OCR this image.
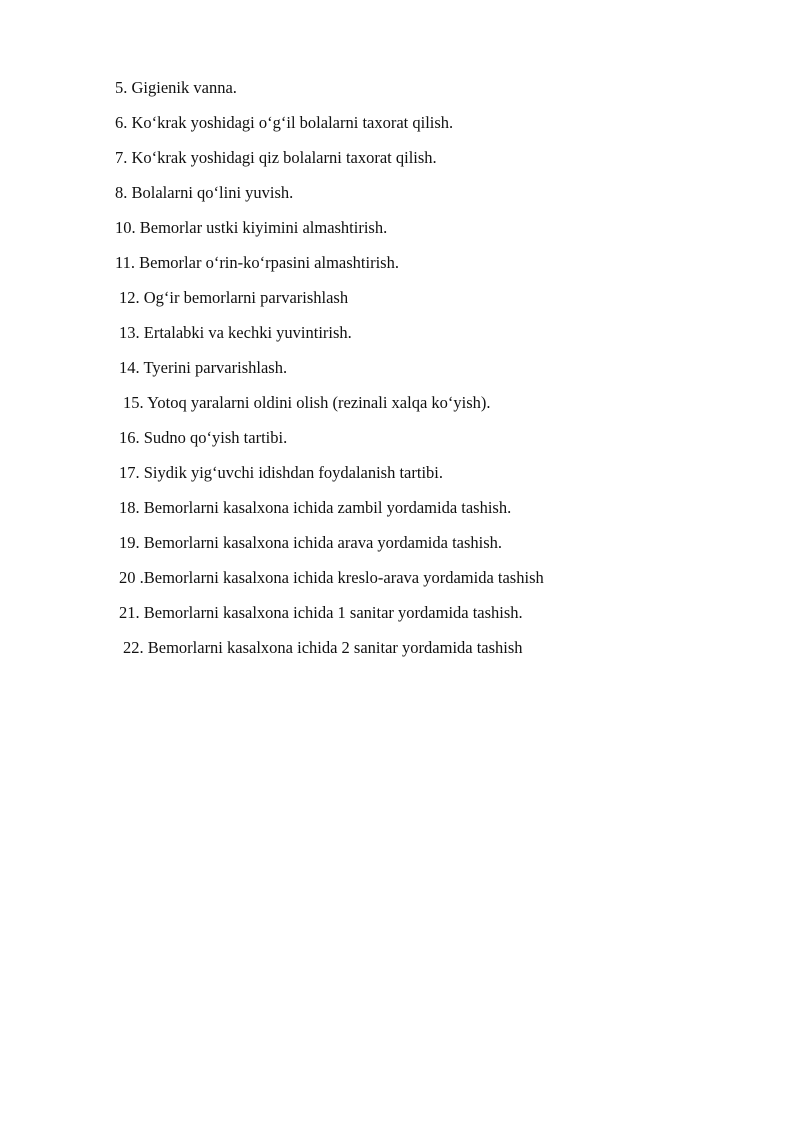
5. Gigienik vanna.
6. Koʻkrak yoshidagi oʻgʻil bolalarni taxorat qilish.
7. Koʻkrak yoshidagi qiz bolalarni taxorat qilish.
8. Bolalarni qoʻlini yuvish.
10. Bemorlar ustki kiyimini almashtirish.
11. Bemorlar oʻrin-koʻrpasini almashtirish.
12. Ogʻir bemorlarni parvarishlash
13. Ertalabki va kechki yuvintirish.
14. Tyerini parvarishlash.
15. Yotoq yaralarni oldini olish (rezinali xalqa koʻyish).
16. Sudno qoʻyish tartibi.
17. Siydik yigʻuvchi idishdan foydalanish tartibi.
18. Bemorlarni kasalxona ichida zambil yordamida tashish.
19. Bemorlarni kasalxona ichida arava yordamida tashish.
20 .Bemorlarni kasalxona ichida kreslo-arava yordamida tashish
21. Bemorlarni kasalxona ichida 1 sanitar yordamida tashish.
22. Bemorlarni kasalxona ichida 2 sanitar yordamida tashish
